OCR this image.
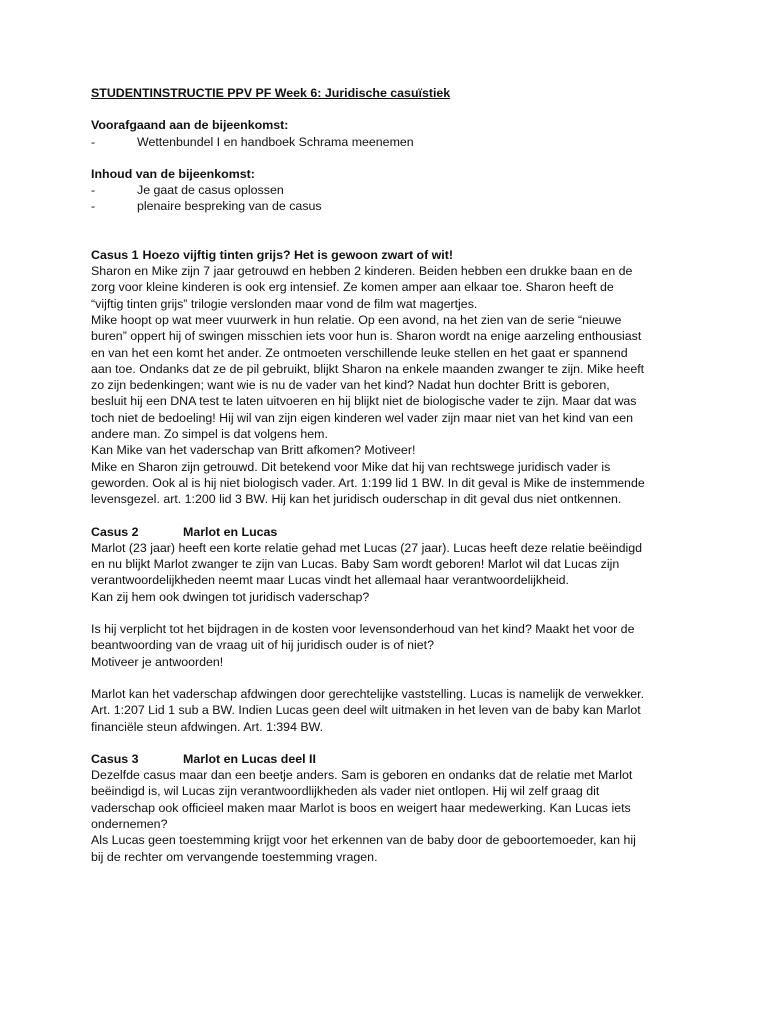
STUDENTINSTRUCTIE PPV PF Week 6: Juridische casuïstiek

Voorafgaand aan de bijeenkomst:

-	Wettenbundel I en handboek Schrama meenemen

Inhoud van de bijeenkomst:

-	Je gaat de casus oplossen
-	plenaire bespreking van de casus
Casus 1 Hoezo vijftig tinten grijs? Het is gewoon zwart of wit!

Sharon en Mike zijn 7 jaar getrouwd en hebben 2 kinderen. Beiden hebben een drukke baan en de

zorg voor kleine kinderen is ook erg intensief. Ze komen amper aan elkaar toe. Sharon heeft de

“vijftig tinten grijs” trilogie verslonden maar vond de film wat magertjes.

Mike hoopt op wat meer vuurwerk in hun relatie. Op een avond, na het zien van de serie “nieuwe

buren” oppert hij of swingen misschien iets voor hun is. Sharon wordt na enige aarzeling enthousiast

en van het een komt het ander. Ze ontmoeten verschillende leuke stellen en het gaat er spannend

aan toe. Ondanks dat ze de pil gebruikt, blijkt Sharon na enkele maanden zwanger te zijn. Mike heeft

zo zijn bedenkingen; want wie is nu de vader van het kind? Nadat hun dochter Britt is geboren,

besluit hij een DNA test te laten uitvoeren en hij blijkt niet de biologische vader te zijn. Maar dat was

toch niet de bedoeling! Hij wil van zijn eigen kinderen wel vader zijn maar niet van het kind van een

andere man. Zo simpel is dat volgens hem.

Kan Mike van het vaderschap van Britt afkomen? Motiveer!

Mike en Sharon zijn getrouwd. Dit betekend voor Mike dat hij van rechtswege juridisch vader is

geworden. Ook al is hij niet biologisch vader. Art. 1:199 lid 1 BW. In dit geval is Mike de instemmende

levensgezel. art. 1:200 lid 3 BW. Hij kan het juridisch ouderschap in dit geval dus niet ontkennen.

Casus 2	Marlot en Lucas

Marlot (23 jaar) heeft een korte relatie gehad met Lucas (27 jaar). Lucas heeft deze relatie beëindigd

en nu blijkt Marlot zwanger te zijn van Lucas. Baby Sam wordt geboren! Marlot wil dat Lucas zijn

verantwoordelijkheden neemt maar Lucas vindt het allemaal haar verantwoordelijkheid.

Kan zij hem ook dwingen tot juridisch vaderschap?

Is hij verplicht tot het bijdragen in de kosten voor levensonderhoud van het kind? Maakt het voor de

beantwoording van de vraag uit of hij juridisch ouder is of niet?

Motiveer je antwoorden!

Marlot kan het vaderschap afdwingen door gerechtelijke vaststelling. Lucas is namelijk de verwekker.

Art. 1:207 Lid 1 sub a BW. Indien Lucas geen deel wilt uitmaken in het leven van de baby kan Marlot

financiële steun afdwingen. Art. 1:394 BW.

Casus 3	Marlot en Lucas deel II

Dezelfde casus maar dan een beetje anders. Sam is geboren en ondanks dat de relatie met Marlot

beëindigd is, wil Lucas zijn verantwoordlijkheden als vader niet ontlopen. Hij wil zelf graag dit

vaderschap ook officieel maken maar Marlot is boos en weigert haar medewerking. Kan Lucas iets

ondernemen?

Als Lucas geen toestemming krijgt voor het erkennen van de baby door de geboortemoeder, kan hij

bij de rechter om vervangende toestemming vragen.
